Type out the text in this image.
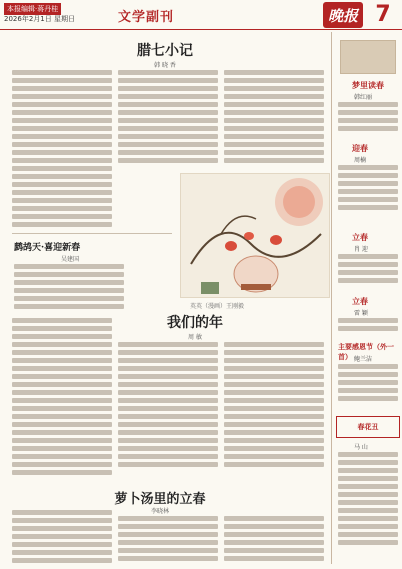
本报编辑·蒋丹桂
2026年2月1日 星期日	文学副刊	晚报 7
腊七小记
韩 晓 香
鹧鸪天·喜迎新春
吴建国
英英（漫画）王刚毅
我们的年
周 敏
萝卜汤里的立春
李晓林
梦里读春
韩红丽
迎春
周楠
立春
肖 迎
立春
雷 颖
主要感恩节（外一首） 鲍兰洁
春花丑
马 山
